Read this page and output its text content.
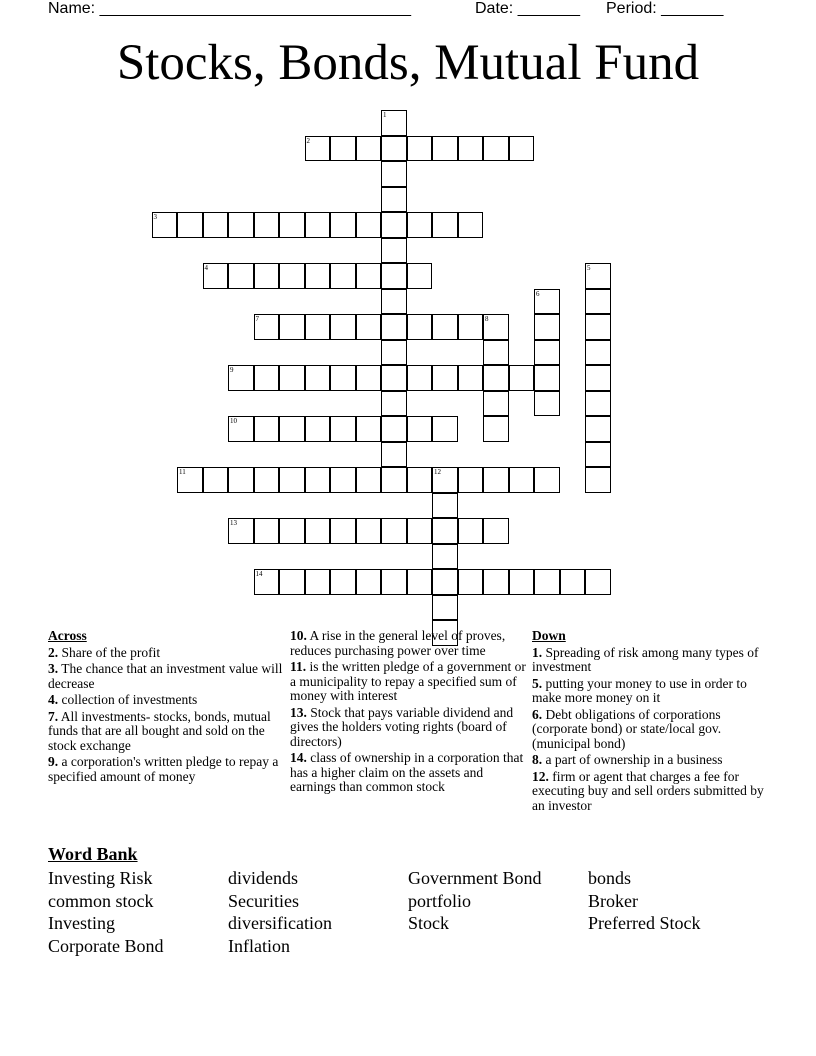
Name: ___________________________________

	Date: _______

Period: _______

Stocks, Bonds, Mutual Fund
1
2
3
4	5
6
7	8
9
10
11	12
13
14
Across
2. Share of the profit
3. The chance that an investment value will decrease
4. collection of investments
7. All investments- stocks, bonds, mutual funds that are all bought and sold on the stock exchange
9. a corporation's written pledge to repay a specified amount of money
10. A rise in the general level of proves, reduces purchasing power over time
11. is the written pledge of a government or a municipality to repay a specified sum of money with interest
13. Stock that pays variable dividend and gives the holders voting rights (board of directors)
14. class of ownership in a corporation that has a higher claim on the assets and earnings than common stock
Down
1. Spreading of risk among many types of investment
5. putting your money to use in order to make more money on it
6. Debt obligations of corporations (corporate bond) or state/local gov. (municipal bond)
8. a part of ownership in a business
12. firm or agent that charges a fee for executing buy and sell orders submitted by an investor
Word Bank
Investing Risk
common stock
Investing
Corporate Bond
dividends
Securities
diversification
Inflation
Government Bond
portfolio
Stock
bonds
Broker
Preferred Stock
